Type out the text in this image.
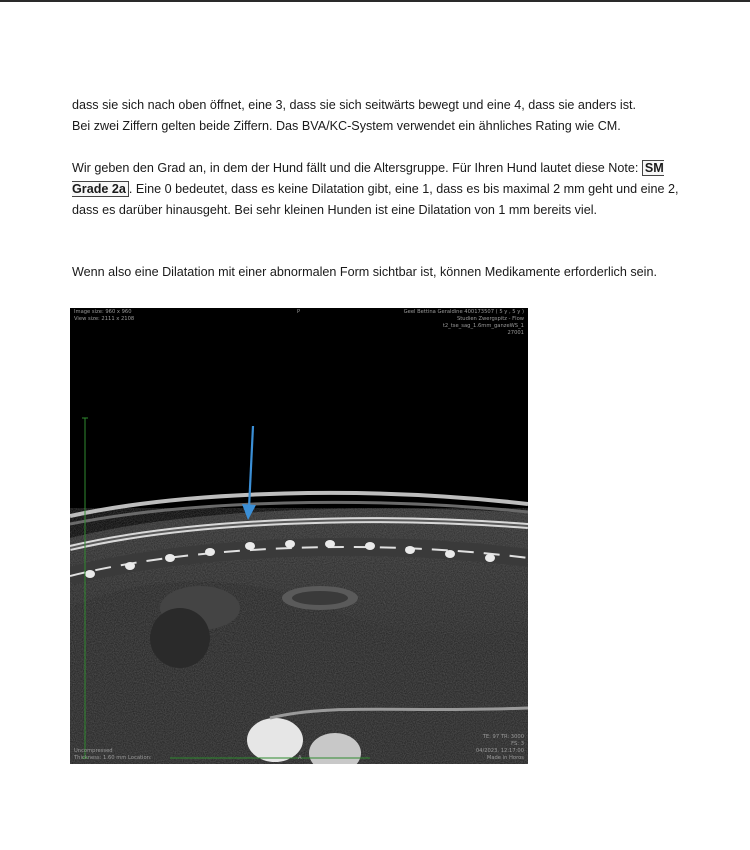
dass sie sich nach oben öffnet, eine 3, dass sie sich seitwärts bewegt und eine 4, dass sie anders ist.
Bei zwei Ziffern gelten beide Ziffern. Das BVA/KC-System verwendet ein ähnliches Rating wie CM.
Wir geben den Grad an, in dem der Hund fällt und die Altersgruppe. Für Ihren Hund lautet diese Note: SM Grade 2a . Eine 0 bedeutet, dass es keine Dilatation gibt, eine 1, dass es bis maximal 2 mm geht und eine 2, dass es darüber hinausgeht. Bei sehr kleinen Hunden ist eine Dilatation von 1 mm bereits viel.
Wenn also eine Dilatation mit einer abnormalen Form sichtbar ist, können Medikamente erforderlich sein.
Image size: 960 x 960
View size: 2111 x 2108
P	Geel Bettina Geraldine 400173507 ( 5 y , 5 y )
Studien Zwergspitz - Flow
t2_tse_sag_1.6mm_ganzeWS_1
27001
TE: 97 TR: 3000
FS: 3
04/2023, 12:17:00
Made in Horos
Uncompressed
Thickness: 1.60 mm Location:	A
